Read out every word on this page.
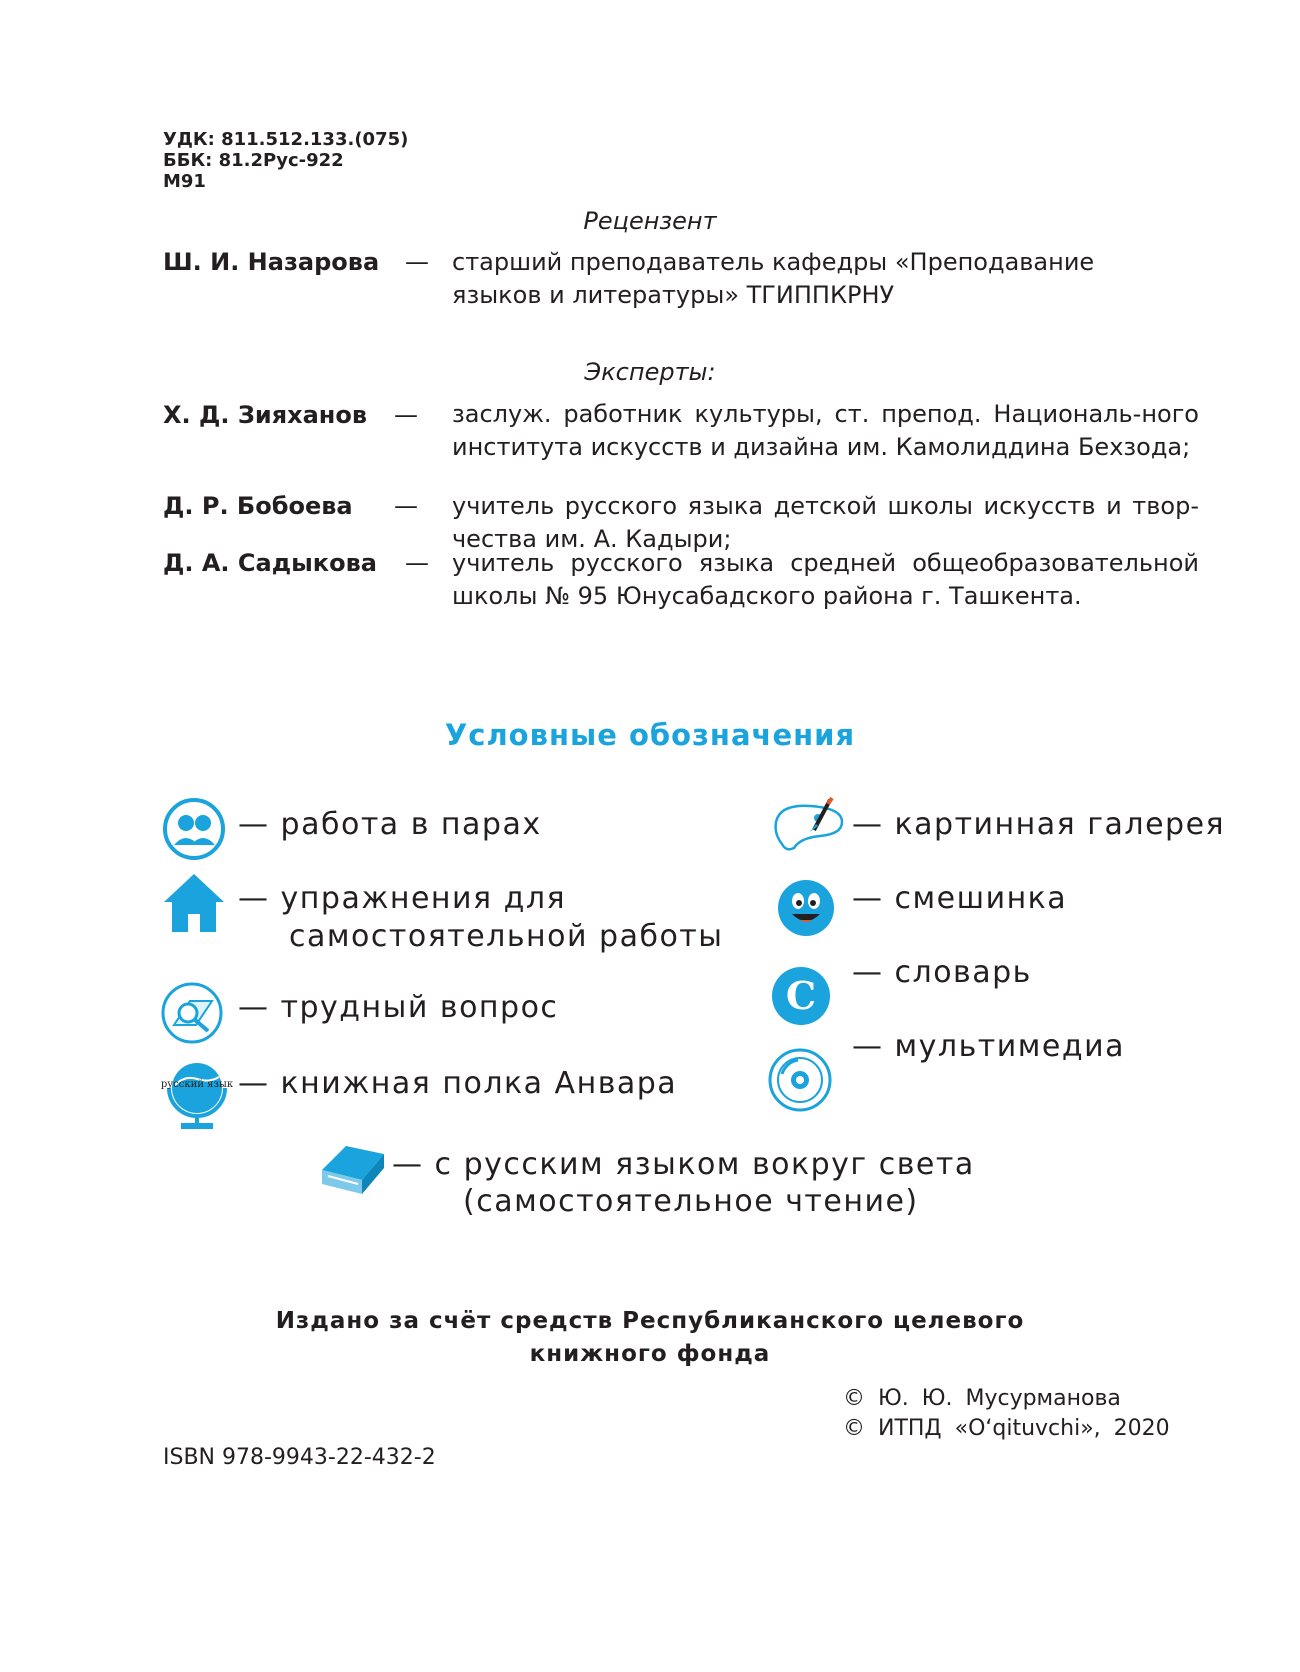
УДК: 811.512.133.(075)
ББК: 81.2Рус-922
М91
Рецензент
Ш. И. Назарова — старший преподаватель кафедры «Преподавание языков и литературы» ТГИППКРНУ
Эксперты:
Х. Д. Зияханов — заслуж. работник культуры, ст. препод. Националь-ного института искусств и дизайна им. Камолиддина Бехзода;
Д. Р. Бобоева — учитель русского языка детской школы искусств и твор-чества им. А. Кадыри;
Д. А. Садыкова — учитель русского языка средней общеобразовательной школы № 95 Юнусабадского района г. Ташкента.
Условные обозначения
— работа в парах
— упражнения для
самостоятельной работы
— трудный вопрос
русский язык — книжная полка Анвара
— картинная галерея
— смешинка
C
— словарь
— мультимедиа
— с русским языком вокруг света
(самостоятельное чтение)
Издано за счёт средств Республиканского целевого
книжного фонда
© Ю. Ю. Мусурманова
© ИТПД «O‘qituvchi», 2020
ISBN 978-9943-22-432-2
